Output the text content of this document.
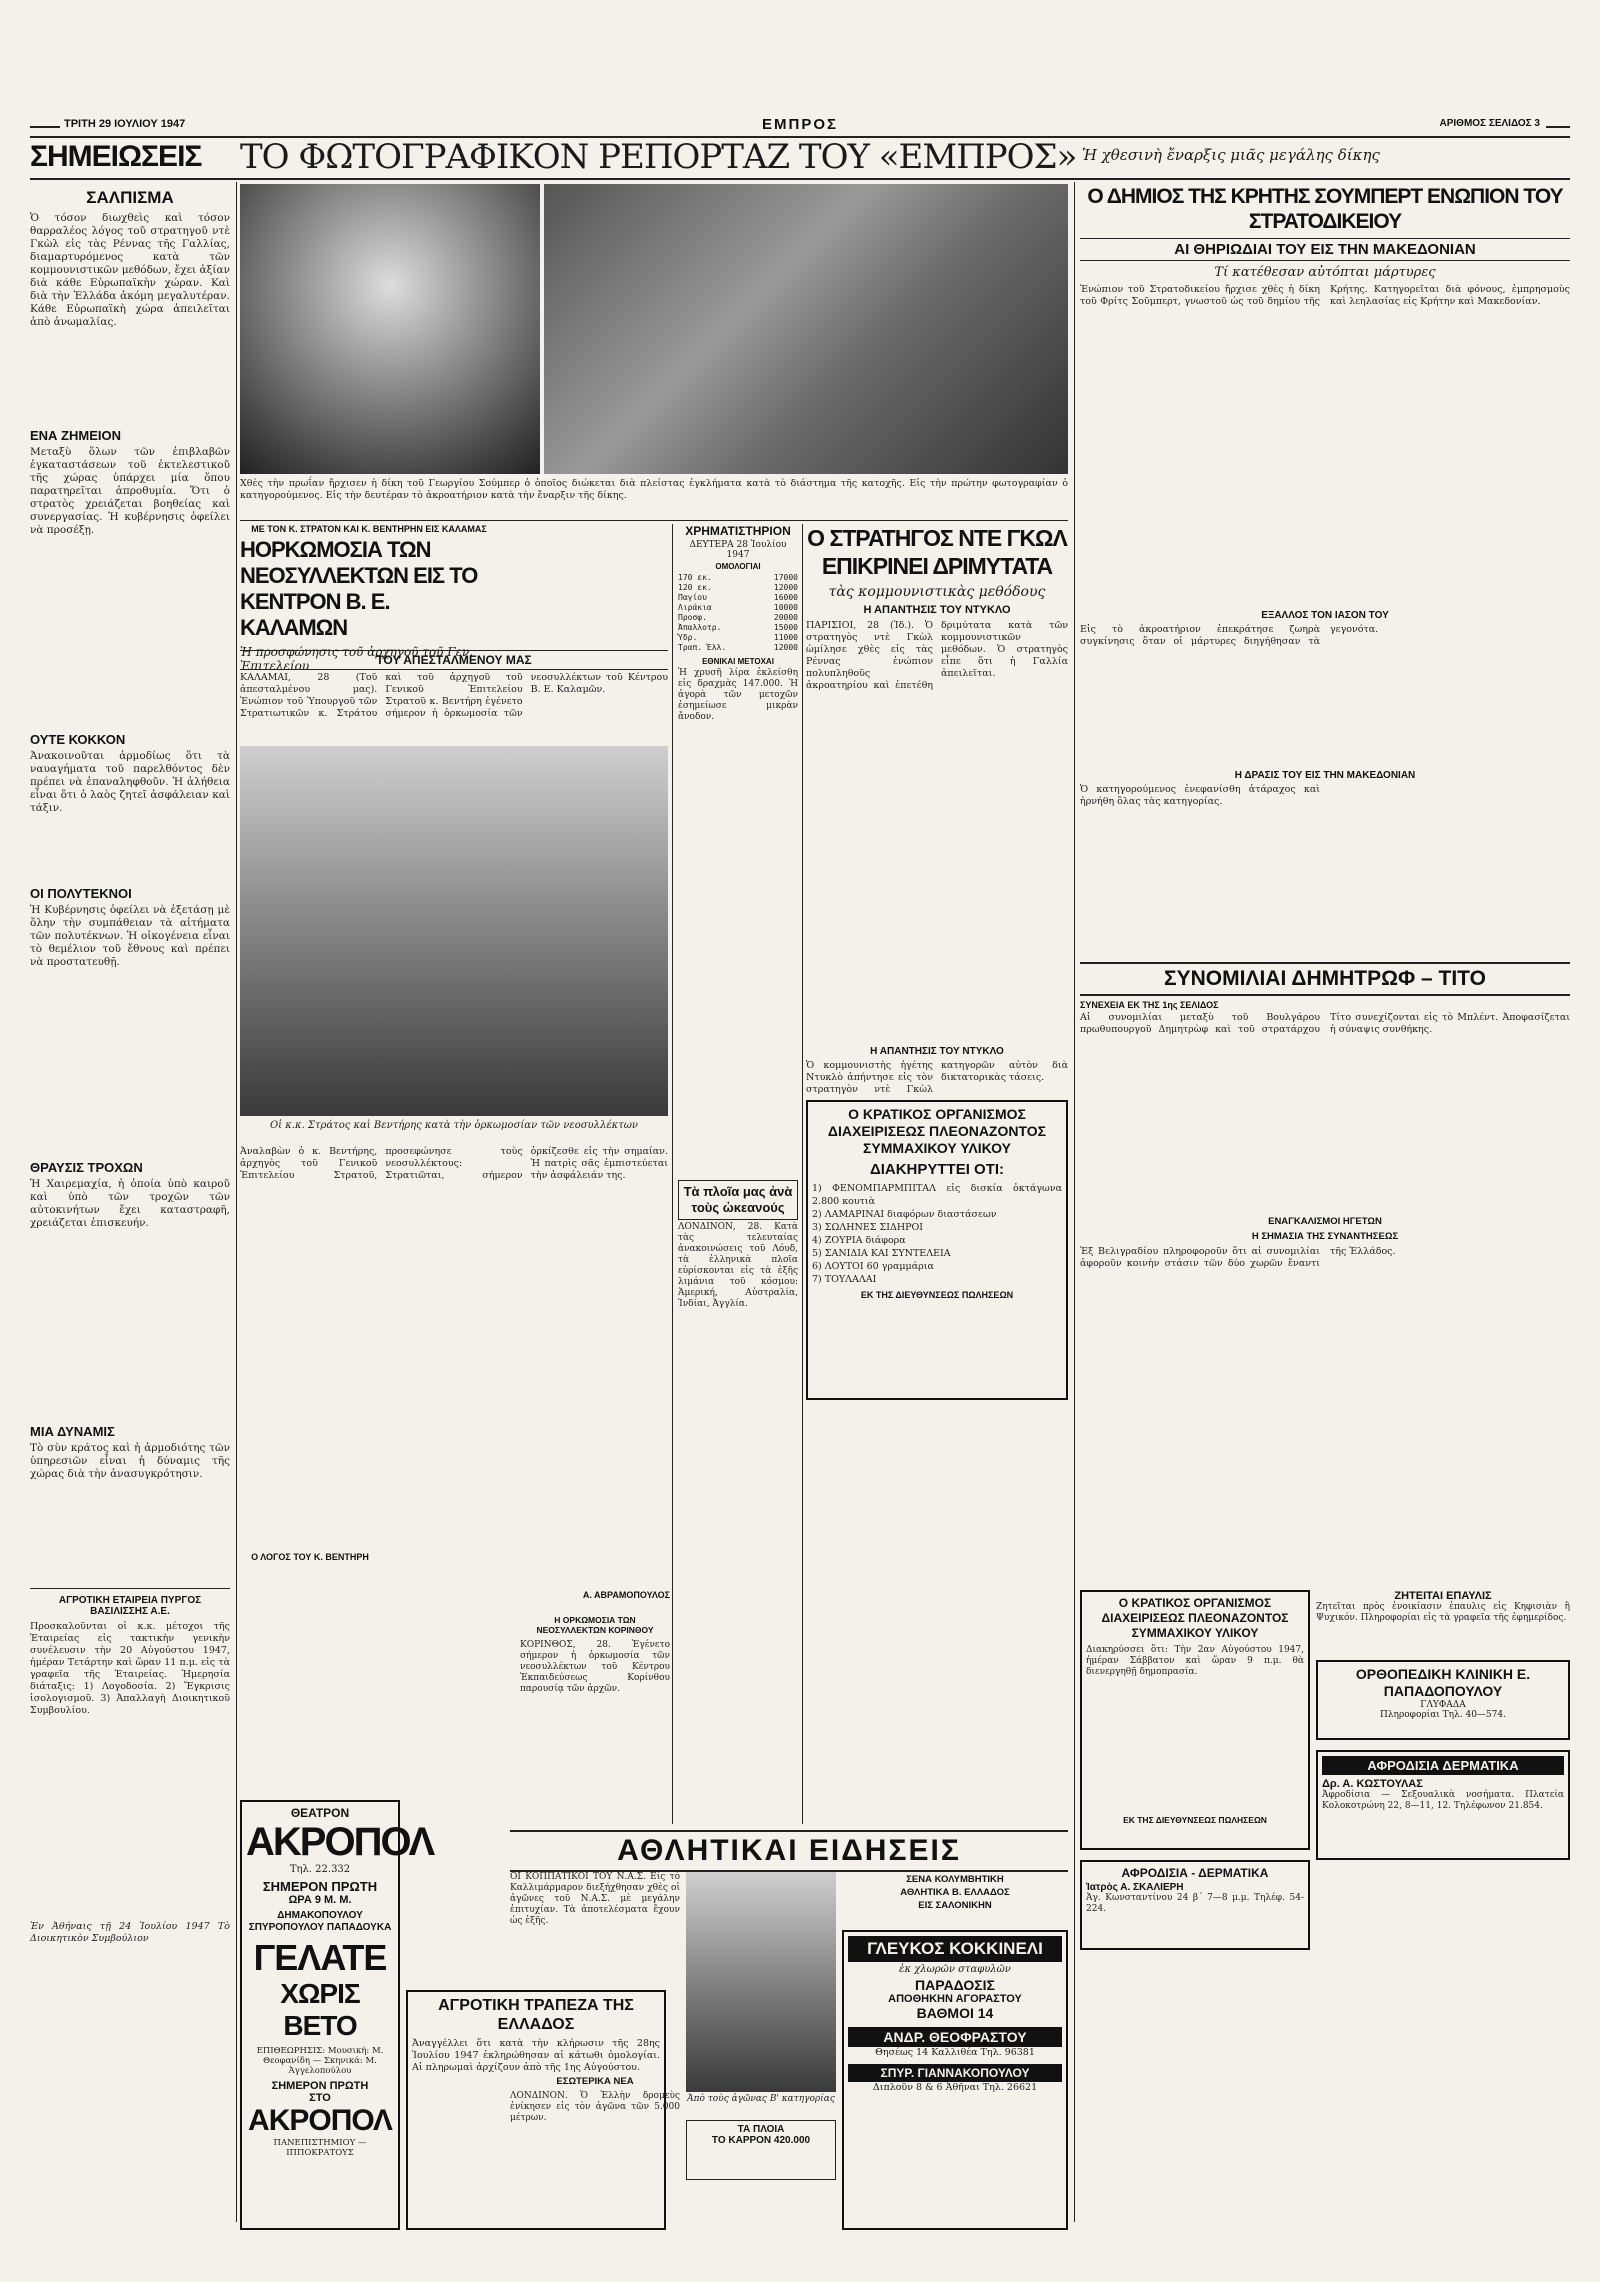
ΤΡΙΤΗ 29 ΙΟΥΛΙΟΥ 1947	ΕΜΠΡΟΣ	ΑΡΙΘΜΟΣ ΣΕΛΙΔΟΣ 3
ΣΗΜΕΙΩΣΕΙΣ	ΤΟ ΦΩΤΟΓΡΑΦΙΚΟΝ ΡΕΠΟΡΤΑΖ ΤΟΥ «ΕΜΠΡΟΣ» Ἡ χθεσινὴ ἔναρξις μιᾶς μεγάλης δίκης
ΣΑΛΠΙΣΜΑ

Ὁ τόσον διωχθεὶς καὶ τόσον θαρραλέος λόγος τοῦ στρατηγοῦ ντὲ Γκὼλ εἰς τὰς Ρέννας τῆς Γαλλίας, διαμαρτυρόμενος κατὰ τῶν κομμουνιστικῶν μεθόδων, ἔχει ἀξίαν διὰ κάθε Εὐρωπαϊκὴν χώραν. Καὶ διὰ τὴν Ἑλλάδα ἀκόμη μεγαλυτέραν. Κάθε Εὐρωπαϊκὴ χώρα ἀπειλεῖται ἀπὸ ἀνωμαλίας.

ΕΝΑ ΖΗΜΕΙΟΝ

Μεταξὺ ὅλων τῶν ἐπιβλαβῶν ἐγκαταστάσεων τοῦ ἐκτελεστικοῦ τῆς χώρας ὑπάρχει μία ὅπου παρατηρεῖται ἀπροθυμία. Ὅτι ὁ στρατὸς χρειάζεται βοηθείας καὶ συνεργασίας. Ἡ κυβέρνησις ὀφείλει νὰ προσέξῃ.

ΟΥΤΕ ΚΟΚΚΟΝ

Ἀνακοινοῦται ἀρμοδίως ὅτι τὰ ναυαγήματα τοῦ παρελθόντος δὲν πρέπει νὰ ἐπαναληφθοῦν. Ἡ ἀλήθεια εἶναι ὅτι ὁ λαὸς ζητεῖ ἀσφάλειαν καὶ τάξιν.

ΟΙ ΠΟΛΥΤΕΚΝΟΙ

Ἡ Κυβέρνησις ὀφείλει νὰ ἐξετάσῃ μὲ ὅλην τὴν συμπάθειαν τὰ αἰτήματα τῶν πολυτέκνων. Ἡ οἰκογένεια εἶναι τὸ θεμέλιον τοῦ ἔθνους καὶ πρέπει νὰ προστατευθῇ.

ΘΡΑΥΣΙΣ ΤΡΟΧΩΝ

Ἡ Χαιρεμαχία, ἡ ὁποία ὑπὸ καιροῦ καὶ ὑπὸ τῶν τροχῶν τῶν αὐτοκινήτων ἔχει καταστραφῆ, χρειάζεται ἐπισκευήν.

ΜΙΑ ΔΥΝΑΜΙΣ

Τὸ σὺν κράτος καὶ ἡ ἀρμοδιότης τῶν ὑπηρεσιῶν εἶναι ἡ δύναμις τῆς χώρας διὰ τὴν ἀνασυγκρότησιν.

ΑΓΡΟΤΙΚΗ ΕΤΑΙΡΕΙΑ ΠΥΡΓΟΣ ΒΑΣΙΛΙΣΣΗΣ Α.Ε.

Προσκαλοῦνται οἱ κ.κ. μέτοχοι τῆς Ἑταιρείας εἰς τακτικὴν γενικὴν συνέλευσιν τὴν 20 Αὐγούστου 1947, ἡμέραν Τετάρτην καὶ ὥραν 11 π.μ. εἰς τὰ γραφεῖα τῆς Ἑταιρείας. Ἡμερησία διάταξις: 1) Λογοδοσία. 2) Ἔγκρισις ἰσολογισμοῦ. 3) Ἀπαλλαγὴ Διοικητικοῦ Συμβουλίου.

Ἐν Ἀθήναις τῇ 24 Ἰουλίου 1947 Τὸ Διοικητικὸν Συμβούλιον

Χθὲς τὴν πρωΐαν ἤρχισεν ἡ δίκη τοῦ Γεωργίου Σούμπερ ὁ ὁποῖος διώκεται διὰ πλείστας ἐγκλήματα κατὰ τὸ διάστημα τῆς κατοχῆς. Εἰς τὴν πρώτην φωτογραφίαν ὁ κατηγορούμενος. Εἰς τὴν δευτέραν τὸ ἀκροατήριον κατὰ τὴν ἔναρξιν τῆς δίκης.

ΜΕ ΤΟΝ Κ. ΣΤΡΑΤΟΝ ΚΑΙ Κ. ΒΕΝΤΗΡΗΝ ΕΙΣ ΚΑΛΑΜΑΣ
ΗΟΡΚΩΜΟΣΙΑ ΤΩΝ ΝΕΟΣΥΛΛΕΚΤΩΝ ΕΙΣ ΤΟ ΚΕΝΤΡΟΝ Β. Ε. ΚΑΛΑΜΩΝ
Ἡ προσφώνησις τοῦ ἀρχηγοῦ τοῦ Γεν. Ἐπιτελείου	ΤΟΥ ΑΠΕΣΤΑΛΜΕΝΟΥ ΜΑΣ

ΚΑΛΑΜΑΙ, 28 (Τοῦ ἀπεσταλμένου μας). Ἐνώπιον τοῦ Ὑπουργοῦ τῶν Στρατιωτικῶν κ. Στράτου καὶ τοῦ ἀρχηγοῦ τοῦ Γενικοῦ Ἐπιτελείου Στρατοῦ κ. Βεντήρη ἐγένετο σήμερον ἡ ὁρκωμοσία τῶν νεοσυλλέκτων τοῦ Κέντρου Β. Ε. Καλαμῶν.

Οἱ κ.κ. Στράτος καὶ Βεντήρης κατὰ τὴν ὁρκωμοσίαν τῶν νεοσυλλέκτων

Ἀναλαβὼν ὁ κ. Βεντήρης, ἀρχηγὸς τοῦ Γενικοῦ Ἐπιτελείου Στρατοῦ, προσεφώνησε τοὺς νεοσυλλέκτους: Στρατιῶται, σήμερον ὁρκίζεσθε εἰς τὴν σημαίαν. Ἡ πατρὶς σᾶς ἐμπιστεύεται τὴν ἀσφάλειάν της.

Ο ΛΟΓΟΣ ΤΟΥ Κ. ΒΕΝΤΗΡΗ
Η ΟΡΚΩΜΟΣΙΑ ΤΩΝ ΝΕΟΣΥΛΛΕΚΤΩΝ ΚΟΡΙΝΘΟΥ

ΚΟΡΙΝΘΟΣ, 28. Ἐγένετο σήμερον ἡ ὁρκωμοσία τῶν νεοσυλλέκτων τοῦ Κέντρου Ἐκπαιδεύσεως Κορίνθου παρουσίᾳ τῶν ἀρχῶν.

Α. ΑΒΡΑΜΟΠΟΥΛΟΣ
ΧΡΗΜΑΤΙΣΤΗΡΙΟΝ
ΔΕΥΤΕΡΑ 28 Ἰουλίου 1947
ΟΜΟΛΟΓΙΑΙ
170 εκ.	17000
120 εκ.	12000
Παγίου	16000
Λιράκια	10000
Προσφ.	20000
Ἀπαλλοτρ.	15000
Ὑδρ.	11000
Τραπ. Ἑλλ.	12000
ΕΘΝΙΚΑΙ ΜΕΤΟΧΑΙ

Ἡ χρυσῆ λίρα ἐκλείσθη εἰς δραχμὰς 147.000. Ἡ ἀγορὰ τῶν μετοχῶν ἐσημείωσε μικρὰν ἄνοδον.

Τὰ πλοῖα μας ἀνὰ τοὺς ὠκεανούς

ΛΟΝΔΙΝΟΝ, 28. Κατὰ τὰς τελευταίας ἀνακοινώσεις τοῦ Λόυδ, τὰ ἑλληνικὰ πλοῖα εὑρίσκονται εἰς τὰ ἑξῆς λιμάνια τοῦ κόσμου: Ἀμερική, Αὐστραλία, Ἰνδίαι, Ἀγγλία.

Ο ΣΤΡΑΤΗΓΟΣ ΝΤΕ ΓΚΩΛ ΕΠΙΚΡΙΝΕΙ ΔΡΙΜΥΤΑΤΑ
τὰς κομμουνιστικὰς μεθόδους
Η ΑΠΑΝΤΗΣΙΣ ΤΟΥ ΝΤΥΚΛΟ

ΠΑΡΙΣΙΟΙ, 28 (Ἰδ.). Ὁ στρατηγὸς ντὲ Γκὼλ ὡμίλησε χθὲς εἰς τὰς Ρέννας ἐνώπιον πολυπληθοῦς ἀκροατηρίου καὶ ἐπετέθη δριμύτατα κατὰ τῶν κομμουνιστικῶν μεθόδων. Ὁ στρατηγὸς εἶπε ὅτι ἡ Γαλλία ἀπειλεῖται.

Η ΑΠΑΝΤΗΣΙΣ ΤΟΥ ΝΤΥΚΛΟ

Ὁ κομμουνιστὴς ἡγέτης Ντυκλὸ ἀπήντησε εἰς τὸν στρατηγὸν ντὲ Γκὼλ κατηγορῶν αὐτὸν διὰ δικτατορικὰς τάσεις.

Ο ΚΡΑΤΙΚΟΣ ΟΡΓΑΝΙΣΜΟΣ ΔΙΑΧΕΙΡΙΣΕΩΣ ΠΛΕΟΝΑΖΟΝΤΟΣ ΣΥΜΜΑΧΙΚΟΥ ΥΛΙΚΟΥ
ΔΙΑΚΗΡΥΤΤΕΙ ΟΤΙ:
1) ΦΕΝΟΜΠΑΡΜΠΙΤΑΛ εἰς δισκία ὀκτάγωνα 2.800 κουτιὰ
2) ΛΑΜΑΡΙΝΑΙ διαφόρων διαστάσεων
3) ΣΩΛΗΝΕΣ ΣΙΔΗΡΟΙ
4) ΖΟΥΡΙΑ διάφορα
5) ΣΑΝΙΔΙΑ ΚΑΙ ΣΥΝΤΕΛΕΙΑ
6) ΛΟΥΤΟΙ 60 γραμμάρια
7) ΤΟΥΛΑΛΑΙ
ΕΚ ΤΗΣ ΔΙΕΥΘΥΝΣΕΩΣ ΠΩΛΗΣΕΩΝ
Ο ΔΗΜΙΟΣ ΤΗΣ ΚΡΗΤΗΣ ΣΟΥΜΠΕΡΤ ΕΝΩΠΙΟΝ ΤΟΥ ΣΤΡΑΤΟΔΙΚΕΙΟΥ
ΑΙ ΘΗΡΙΩΔΙΑΙ ΤΟΥ ΕΙΣ ΤΗΝ ΜΑΚΕΔΟΝΙΑΝ
Τί κατέθεσαν αὐτόπται μάρτυρες

Ἐνώπιον τοῦ Στρατοδικείου ἤρχισε χθὲς ἡ δίκη τοῦ Φρίτς Σοῦμπερτ, γνωστοῦ ὡς τοῦ δημίου τῆς Κρήτης. Κατηγορεῖται διὰ φόνους, ἐμπρησμοὺς καὶ λεηλασίας εἰς Κρήτην καὶ Μακεδονίαν.

ΕΞΑΛΛΟΣ ΤΟΝ ΙΑΣΟΝ ΤΟΥ

Εἰς τὸ ἀκροατήριον ἐπεκράτησε ζωηρὰ συγκίνησις ὅταν οἱ μάρτυρες διηγήθησαν τὰ γεγονότα.

Η ΔΡΑΣΙΣ ΤΟΥ ΕΙΣ ΤΗΝ ΜΑΚΕΔΟΝΙΑΝ

Ὁ κατηγορούμενος ἐνεφανίσθη ἀτάραχος καὶ ἠρνήθη ὅλας τὰς κατηγορίας.

ΣΥΝΟΜΙΛΙΑΙ ΔΗΜΗΤΡΩΦ – ΤΙΤΟ
ΣΥΝΕΧΕΙΑ ΕΚ ΤΗΣ 1ης ΣΕΛΙΔΟΣ

Αἱ συνομιλίαι μεταξὺ τοῦ Βουλγάρου πρωθυπουργοῦ Δημητρὼφ καὶ τοῦ στρατάρχου Τίτο συνεχίζονται εἰς τὸ Μπλέντ. Ἀποφασίζεται ἡ σύναψις συνθήκης.

ΕΝΑΓΚΑΛΙΣΜΟΙ ΗΓΕΤΩΝ
Η ΣΗΜΑΣΙΑ ΤΗΣ ΣΥΝΑΝΤΗΣΕΩΣ

Ἐξ Βελιγραδίου πληροφοροῦν ὅτι αἱ συνομιλίαι ἀφοροῦν κοινὴν στάσιν τῶν δύο χωρῶν ἔναντι τῆς Ἑλλάδος.

ΑΘΛΗΤΙΚΑΙ ΕΙΔΗΣΕΙΣ
ΘΕΑΤΡΟΝ
ΑΚΡΟΠΟΛ
Τηλ. 22.332
ΣΗΜΕΡΟΝ ΠΡΩΤΗ
ΩΡΑ 9 Μ. Μ.
ΔΗΜΑΚΟΠΟΥΛΟΥ ΣΠΥΡΟΠΟΥΛΟΥ ΠΑΠΑΔΟΥΚΑ
ΓΕΛΑΤΕ
ΧΩΡΙΣ ΒΕΤΟ
ΕΠΙΘΕΩΡΗΣΙΣ: Μουσική: Μ. Θεοφανίδη — Σκηνικά: Μ. Ἀγγελοπούλου
ΣΗΜΕΡΟΝ ΠΡΩΤΗ
ΣΤΟ
ΑΚΡΟΠΟΛ
ΠΑΝΕΠΙΣΤΗΜΙΟΥ — ΙΠΠΟΚΡΑΤΟΥΣ
ΑΓΡΟΤΙΚΗ ΤΡΑΠΕΖΑ ΤΗΣ ΕΛΛΑΔΟΣ

Ἀναγγέλλει ὅτι κατὰ τὴν κλήρωσιν τῆς 28ης Ἰουλίου 1947 ἐκληρώθησαν αἱ κάτωθι ὁμολογίαι. Αἱ πληρωμαὶ ἀρχίζουν ἀπὸ τῆς 1ης Αὐγούστου.

ΟΙ ΚΟΠΠΑΤΙΚΟΙ ΤΟΥ Ν.Α.Σ. Εἰς τὸ Καλλιμάρμαρον διεξήχθησαν χθὲς οἱ ἀγῶνες τοῦ Ν.Α.Σ. μὲ μεγάλην ἐπιτυχίαν. Τὰ ἀποτελέσματα ἔχουν ὡς ἑξῆς.

ΕΣΩΤΕΡΙΚΑ ΝΕΑ

ΛΟΝΔΙΝΟΝ. Ὁ Ἑλλὴν δρομεὺς ἐνίκησεν εἰς τὸν ἀγῶνα τῶν 5.000 μέτρων.

Ἀπὸ τοὺς ἀγῶνας Β' κατηγορίας

ΣΕΝΑ ΚΟΛΥΜΒΗΤΙΚΗ
ΑΘΛΗΤΙΚΑ Β. ΕΛΛΑΔΟΣ
ΕΙΣ ΣΑΛΟΝΙΚΗΝ
ΓΛΕΥΚΟΣ ΚΟΚΚΙΝΕΛΙ
ἐκ χλωρῶν σταφυλῶν
ΠΑΡΑΔΟΣΙΣ
ΑΠΟΘΗΚΗΝ ΑΓΟΡΑΣΤΟΥ
ΒΑΘΜΟΙ 14
ΑΝΔΡ. ΘΕΟΦΡΑΣΤΟΥ
Θησέως 14 Καλλιθέα Τηλ. 96381
ΣΠΥΡ. ΓΙΑΝΝΑΚΟΠΟΥΛΟΥ
Διπλοῦν 8 & 6 Ἀθῆναι Τηλ. 26621
ΤΑ ΠΛΟΙΑ
ΤΟ ΚΑΡΡΟΝ 420.000
Ο ΚΡΑΤΙΚΟΣ ΟΡΓΑΝΙΣΜΟΣ ΔΙΑΧΕΙΡΙΣΕΩΣ ΠΛΕΟΝΑΖΟΝΤΟΣ ΣΥΜΜΑΧΙΚΟΥ ΥΛΙΚΟΥ

Διακηρύσσει ὅτι: Τὴν 2αν Αὐγούστου 1947, ἡμέραν Σάββατον καὶ ὥραν 9 π.μ. θὰ διενεργηθῇ δημοπρασία.

ΕΚ ΤΗΣ ΔΙΕΥΘΥΝΣΕΩΣ ΠΩΛΗΣΕΩΝ
ΖΗΤΕΙΤΑΙ ΕΠΑΥΛΙΣ

Ζητεῖται πρὸς ἐνοικίασιν ἐπαυλις εἰς Κηφισιὰν ἢ Ψυχικόν. Πληροφορίαι εἰς τὰ γραφεῖα τῆς ἐφημερίδος.

ΟΡΘΟΠΕΔΙΚΗ ΚΛΙΝΙΚΗ Ε. ΠΑΠΑΔΟΠΟΥΛΟΥ
ΓΛΥΦΑΔΑ
Πληροφορίαι Τηλ. 40—574.
ΑΦΡΟΔΙΣΙΑ ΔΕΡΜΑΤΙΚΑ
Δρ. Α. ΚΩΣΤΟΥΛΑΣ

Ἀφροδίσια — Σεξουαλικὰ νοσήματα. Πλατεία Κολοκοτρώνη 22, 8—11, 12. Τηλέφωνον 21.854.

ΑΦΡΟΔΙΣΙΑ - ΔΕΡΜΑΤΙΚΑ
Ἰατρὸς Α. ΣΚΑΛΙΕΡΗ

Ἀγ. Κωνσταντίνου 24 β΄ 7—8 μ.μ. Τηλέφ. 54-224.
